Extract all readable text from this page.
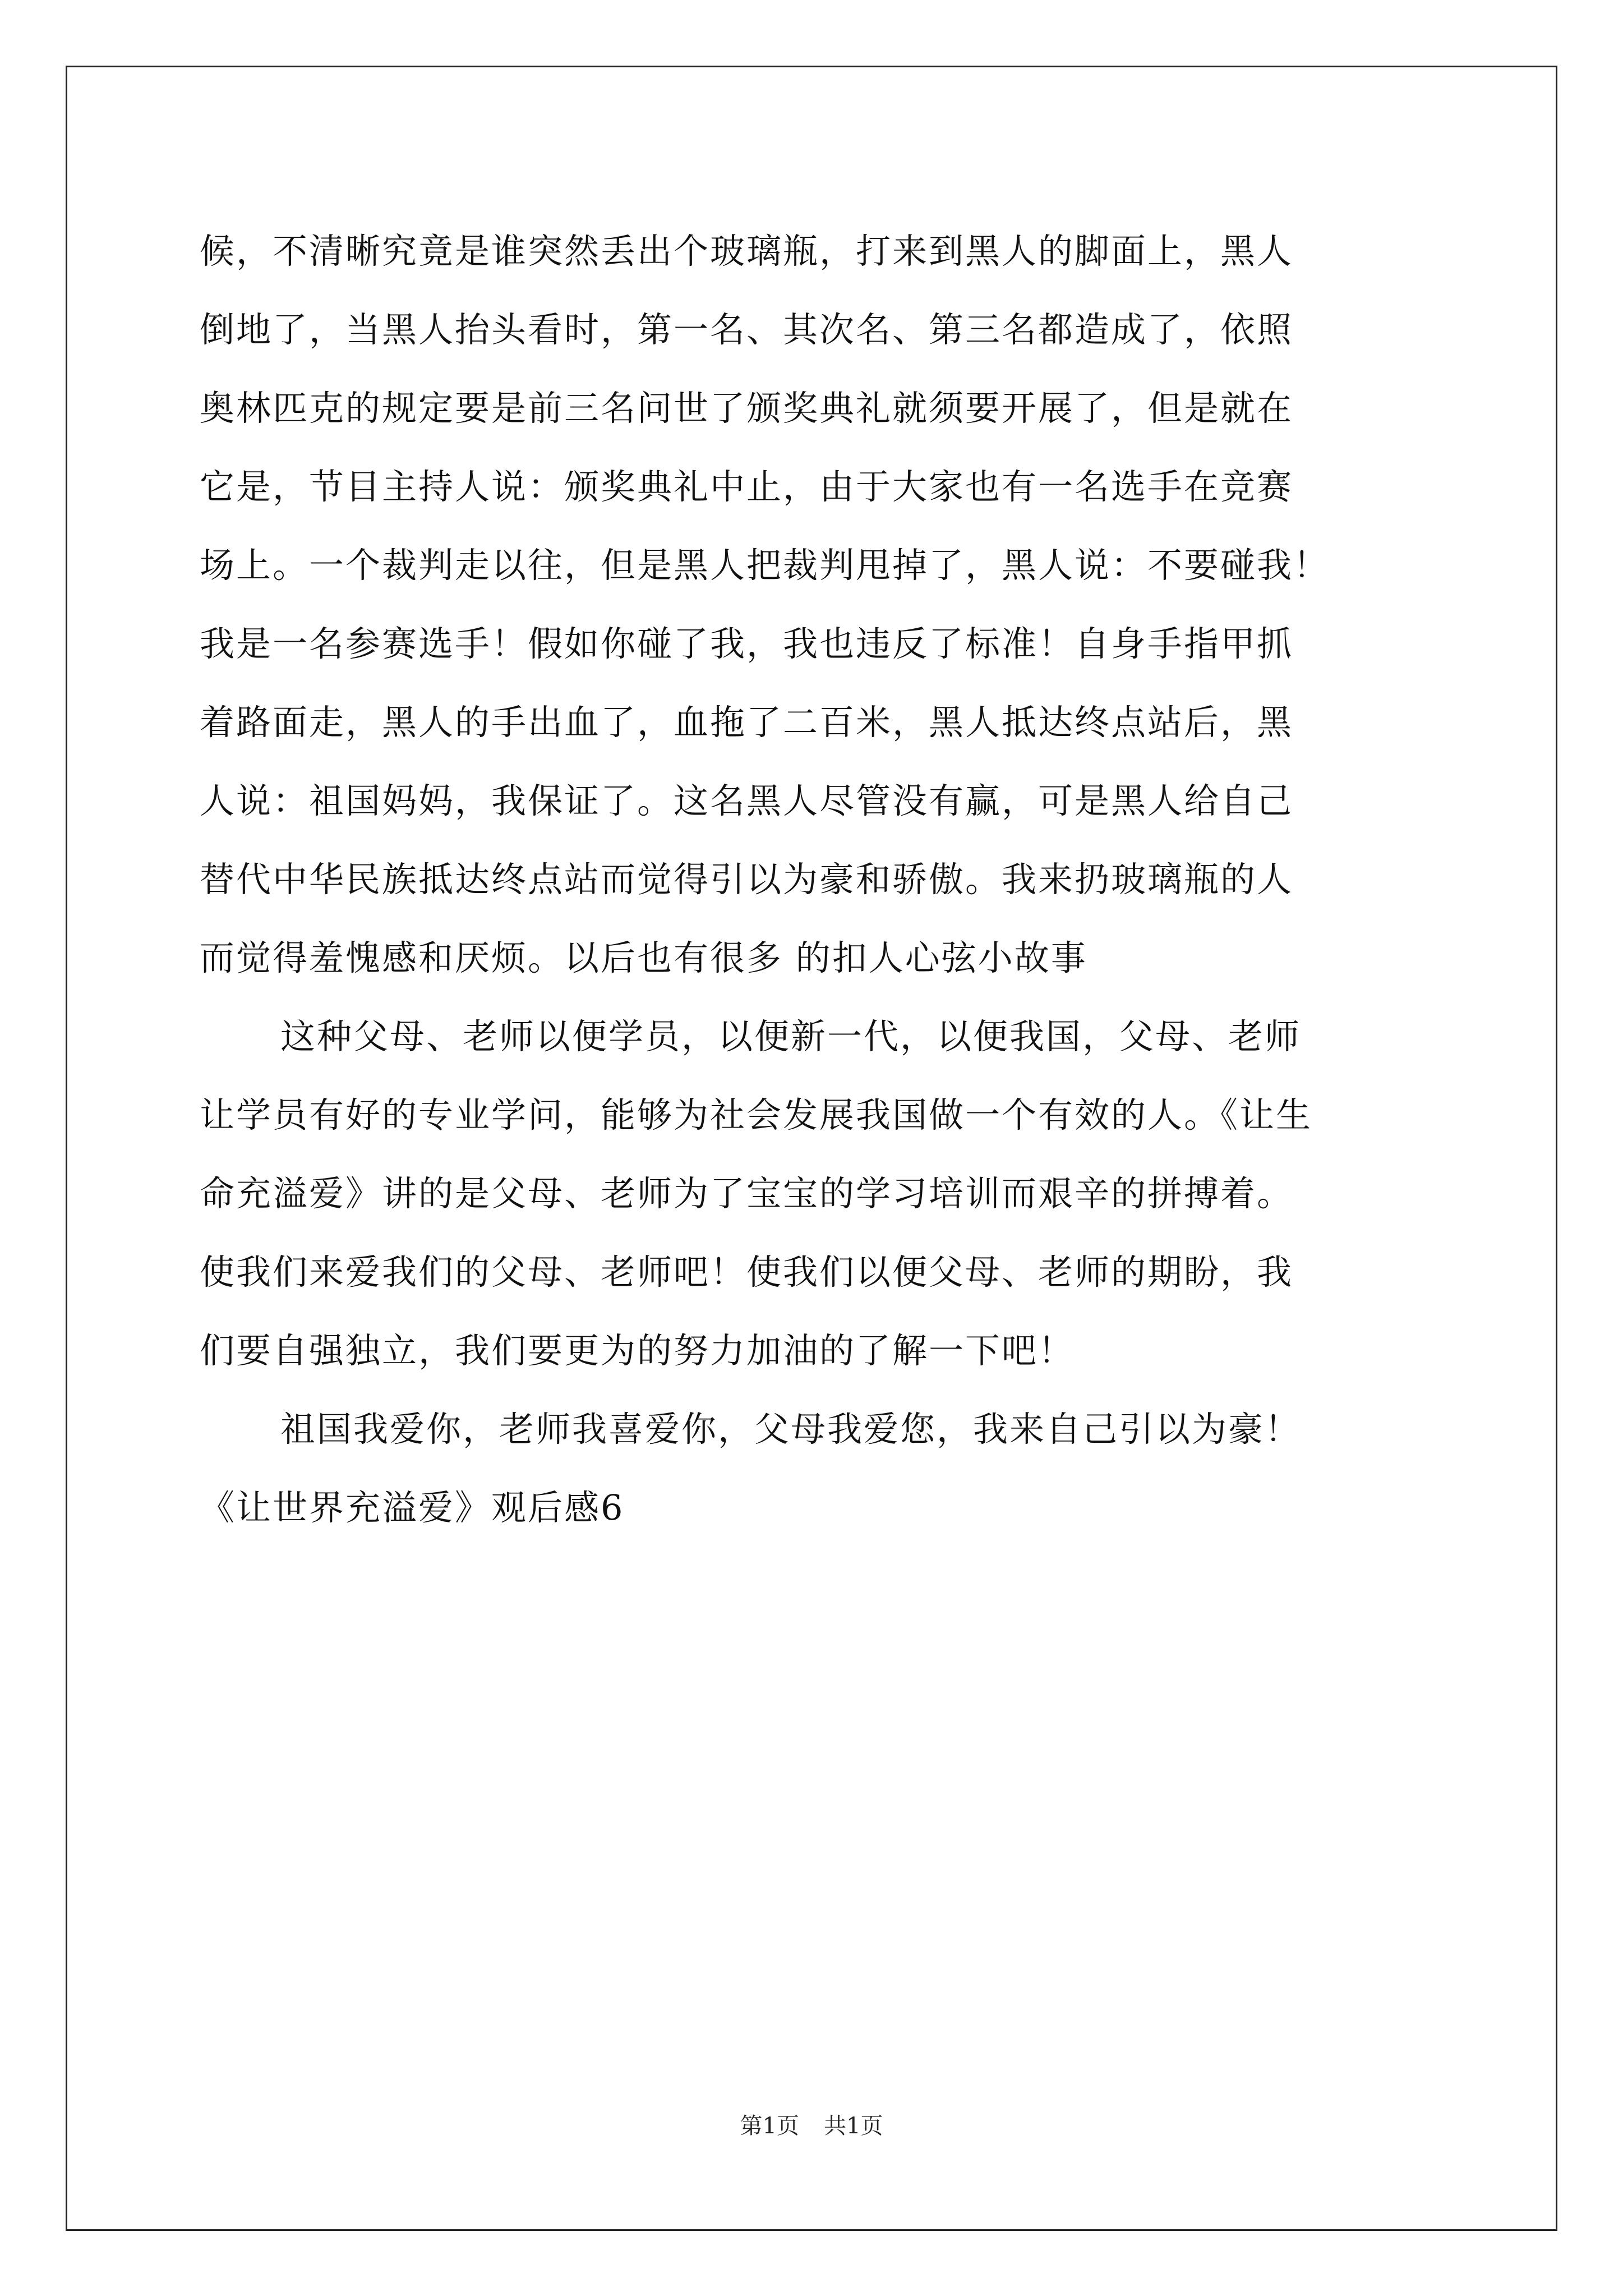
候，不清晰究竟是谁突然丢出个玻璃瓶，打来到黑人的脚面上，黑人
倒地了，当黑人抬头看时，第一名、其次名、第三名都造成了，依照
奥林匹克的规定要是前三名问世了颁奖典礼就须要开展了，但是就在
它是，节目主持人说：颁奖典礼中止，由于大家也有一名选手在竞赛
场上。一个裁判走以往，但是黑人把裁判甩掉了，黑人说：不要碰我！
我是一名参赛选手！假如你碰了我，我也违反了标准！自身手指甲抓
着路面走，黑人的手出血了，血拖了二百米，黑人抵达终点站后，黑
人说：祖国妈妈，我保证了。这名黑人尽管没有赢，可是黑人给自己
替代中华民族抵达终点站而觉得引以为豪和骄傲。我来扔玻璃瓶的人
而觉得羞愧感和厌烦。以后也有很多 的扣人心弦小故事
这种父母、老师以便学员，以便新一代，以便我国，父母、老师
让学员有好的专业学问，能够为社会发展我国做一个有效的人。《让生
命充溢爱》讲的是父母、老师为了宝宝的学习培训而艰辛的拼搏着。
使我们来爱我们的父母、老师吧！使我们以便父母、老师的期盼，我
们要自强独立，我们要更为的努力加油的了解一下吧！
祖国我爱你，老师我喜爱你，父母我爱您，我来自己引以为豪！
《让世界充溢爱》观后感6
第1页 共1页
